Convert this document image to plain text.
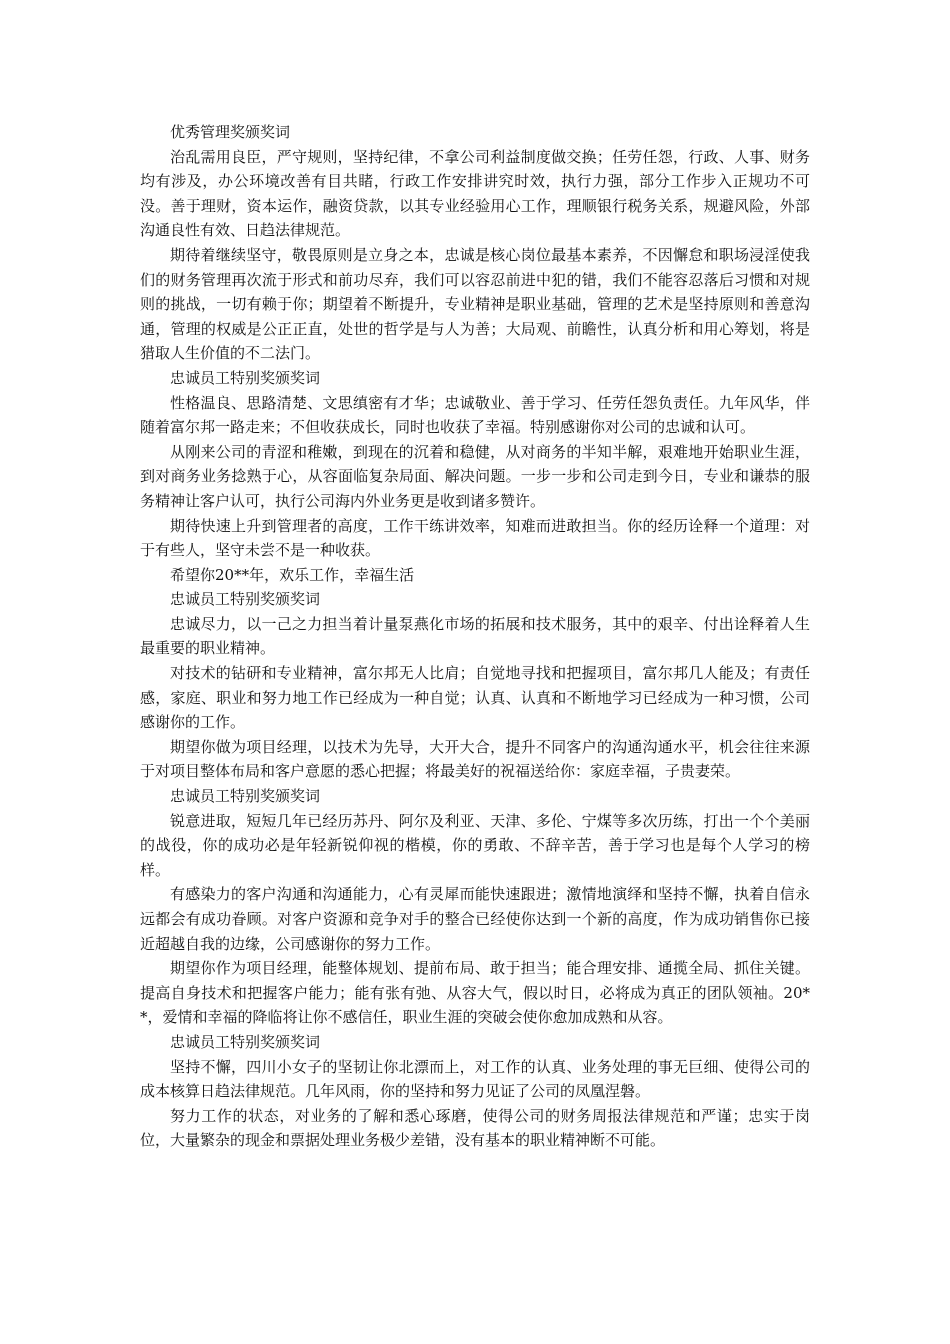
优秀管理奖颁奖词

治乱需用良臣，严守规则，坚持纪律，不拿公司利益制度做交换；任劳任怨，行政、人事、财务均有涉及，办公环境改善有目共睹，行政工作安排讲究时效，执行力强，部分工作步入正规功不可没。善于理财，资本运作，融资贷款，以其专业经验用心工作，理顺银行税务关系，规避风险，外部沟通良性有效、日趋法律规范。

期待着继续坚守，敬畏原则是立身之本，忠诚是核心岗位最基本素养，不因懈怠和职场浸淫使我们的财务管理再次流于形式和前功尽弃，我们可以容忍前进中犯的错，我们不能容忍落后习惯和对规则的挑战，一切有赖于你；期望着不断提升，专业精神是职业基础，管理的艺术是坚持原则和善意沟通，管理的权威是公正正直，处世的哲学是与人为善；大局观、前瞻性，认真分析和用心筹划，将是猎取人生价值的不二法门。

忠诚员工特别奖颁奖词

性格温良、思路清楚、文思缜密有才华；忠诚敬业、善于学习、任劳任怨负责任。九年风华，伴随着富尔邦一路走来；不但收获成长，同时也收获了幸福。特别感谢你对公司的忠诚和认可。

从刚来公司的青涩和稚嫩，到现在的沉着和稳健，从对商务的半知半解，艰难地开始职业生涯，到对商务业务捻熟于心，从容面临复杂局面、解决问题。一步一步和公司走到今日，专业和谦恭的服务精神让客户认可，执行公司海内外业务更是收到诸多赞许。

期待快速上升到管理者的高度，工作干练讲效率，知难而进敢担当。你的经历诠释一个道理：对于有些人，坚守未尝不是一种收获。

希望你20**年，欢乐工作，幸福生活

忠诚员工特别奖颁奖词

忠诚尽力，以一己之力担当着计量泵燕化市场的拓展和技术服务，其中的艰辛、付出诠释着人生最重要的职业精神。

对技术的钻研和专业精神，富尔邦无人比肩；自觉地寻找和把握项目，富尔邦几人能及；有责任感，家庭、职业和努力地工作已经成为一种自觉；认真、认真和不断地学习已经成为一种习惯，公司感谢你的工作。

期望你做为项目经理，以技术为先导，大开大合，提升不同客户的沟通沟通水平，机会往往来源于对项目整体布局和客户意愿的悉心把握；将最美好的祝福送给你：家庭幸福，子贵妻荣。

忠诚员工特别奖颁奖词

锐意进取，短短几年已经历苏丹、阿尔及利亚、天津、多伦、宁煤等多次历练，打出一个个美丽的战役，你的成功必是年轻新锐仰视的楷模，你的勇敢、不辞辛苦，善于学习也是每个人学习的榜样。

有感染力的客户沟通和沟通能力，心有灵犀而能快速跟进；激情地演绎和坚持不懈，执着自信永远都会有成功眷顾。对客户资源和竞争对手的整合已经使你达到一个新的高度，作为成功销售你已接近超越自我的边缘，公司感谢你的努力工作。

期望你作为项目经理，能整体规划、提前布局、敢于担当；能合理安排、通揽全局、抓住关键。提高自身技术和把握客户能力；能有张有弛、从容大气，假以时日，必将成为真正的团队领袖。20**，爱情和幸福的降临将让你不感信任，职业生涯的突破会使你愈加成熟和从容。

忠诚员工特别奖颁奖词

坚持不懈，四川小女子的坚韧让你北漂而上，对工作的认真、业务处理的事无巨细、使得公司的成本核算日趋法律规范。几年风雨，你的坚持和努力见证了公司的凤凰涅磐。

努力工作的状态，对业务的了解和悉心琢磨，使得公司的财务周报法律规范和严谨；忠实于岗位，大量繁杂的现金和票据处理业务极少差错，没有基本的职业精神断不可能。
